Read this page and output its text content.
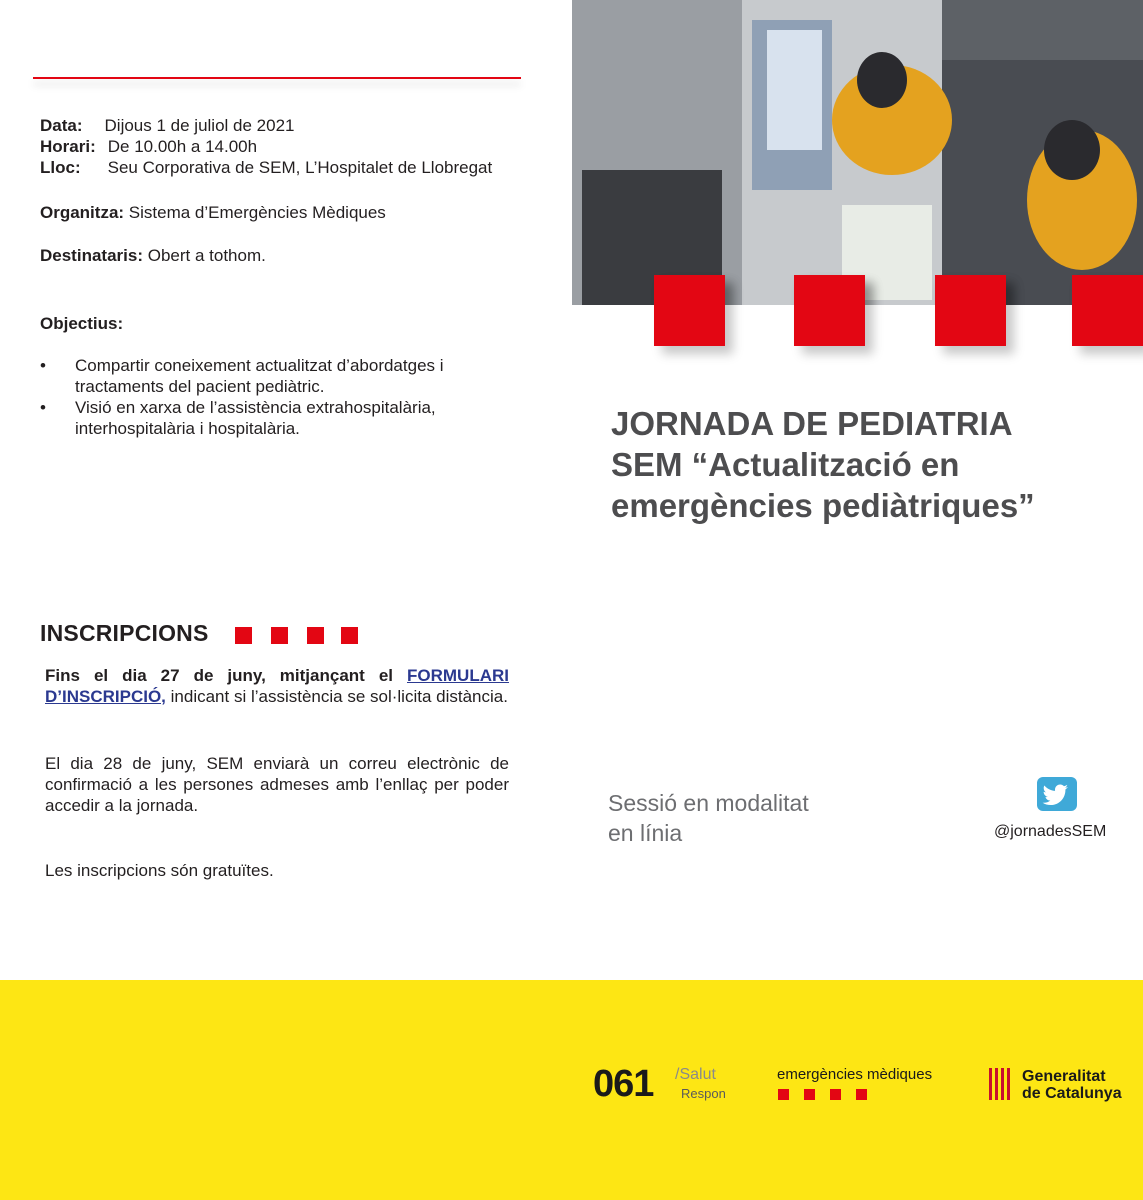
Data: Dijous 1 de juliol de 2021
Horari: De 10.00h a 14.00h
Lloc: Seu Corporativa de SEM, L’Hospitalet de Llobregat
Organitza: Sistema d’Emergències Mèdiques
Destinataris: Obert a tothom.
Objectius:
• Compartir coneixement actualitzat d’abordatges i tractaments del pacient pediàtric.
• Visió en xarxa de l’assistència extrahospitalària, interhospitalària i hospitalària.
INSCRIPCIONS
Fins el dia 27 de juny, mitjançant el FORMULARI D’INSCRIPCIÓ, indicant si l’assistència se sol·licita distància.
El dia 28 de juny, SEM enviarà un correu electrònic de confirmació a les persones admeses amb l’enllaç per poder accedir a la jornada.
Les inscripcions són gratuïtes.
JORNADA DE PEDIATRIA
SEM “Actualització en
emergències pediàtriques”
Sessió en modalitat
en línia	@jornadesSEM
061 /Salut
Respon
emergències mèdiques	Generalitat
de Catalunya
